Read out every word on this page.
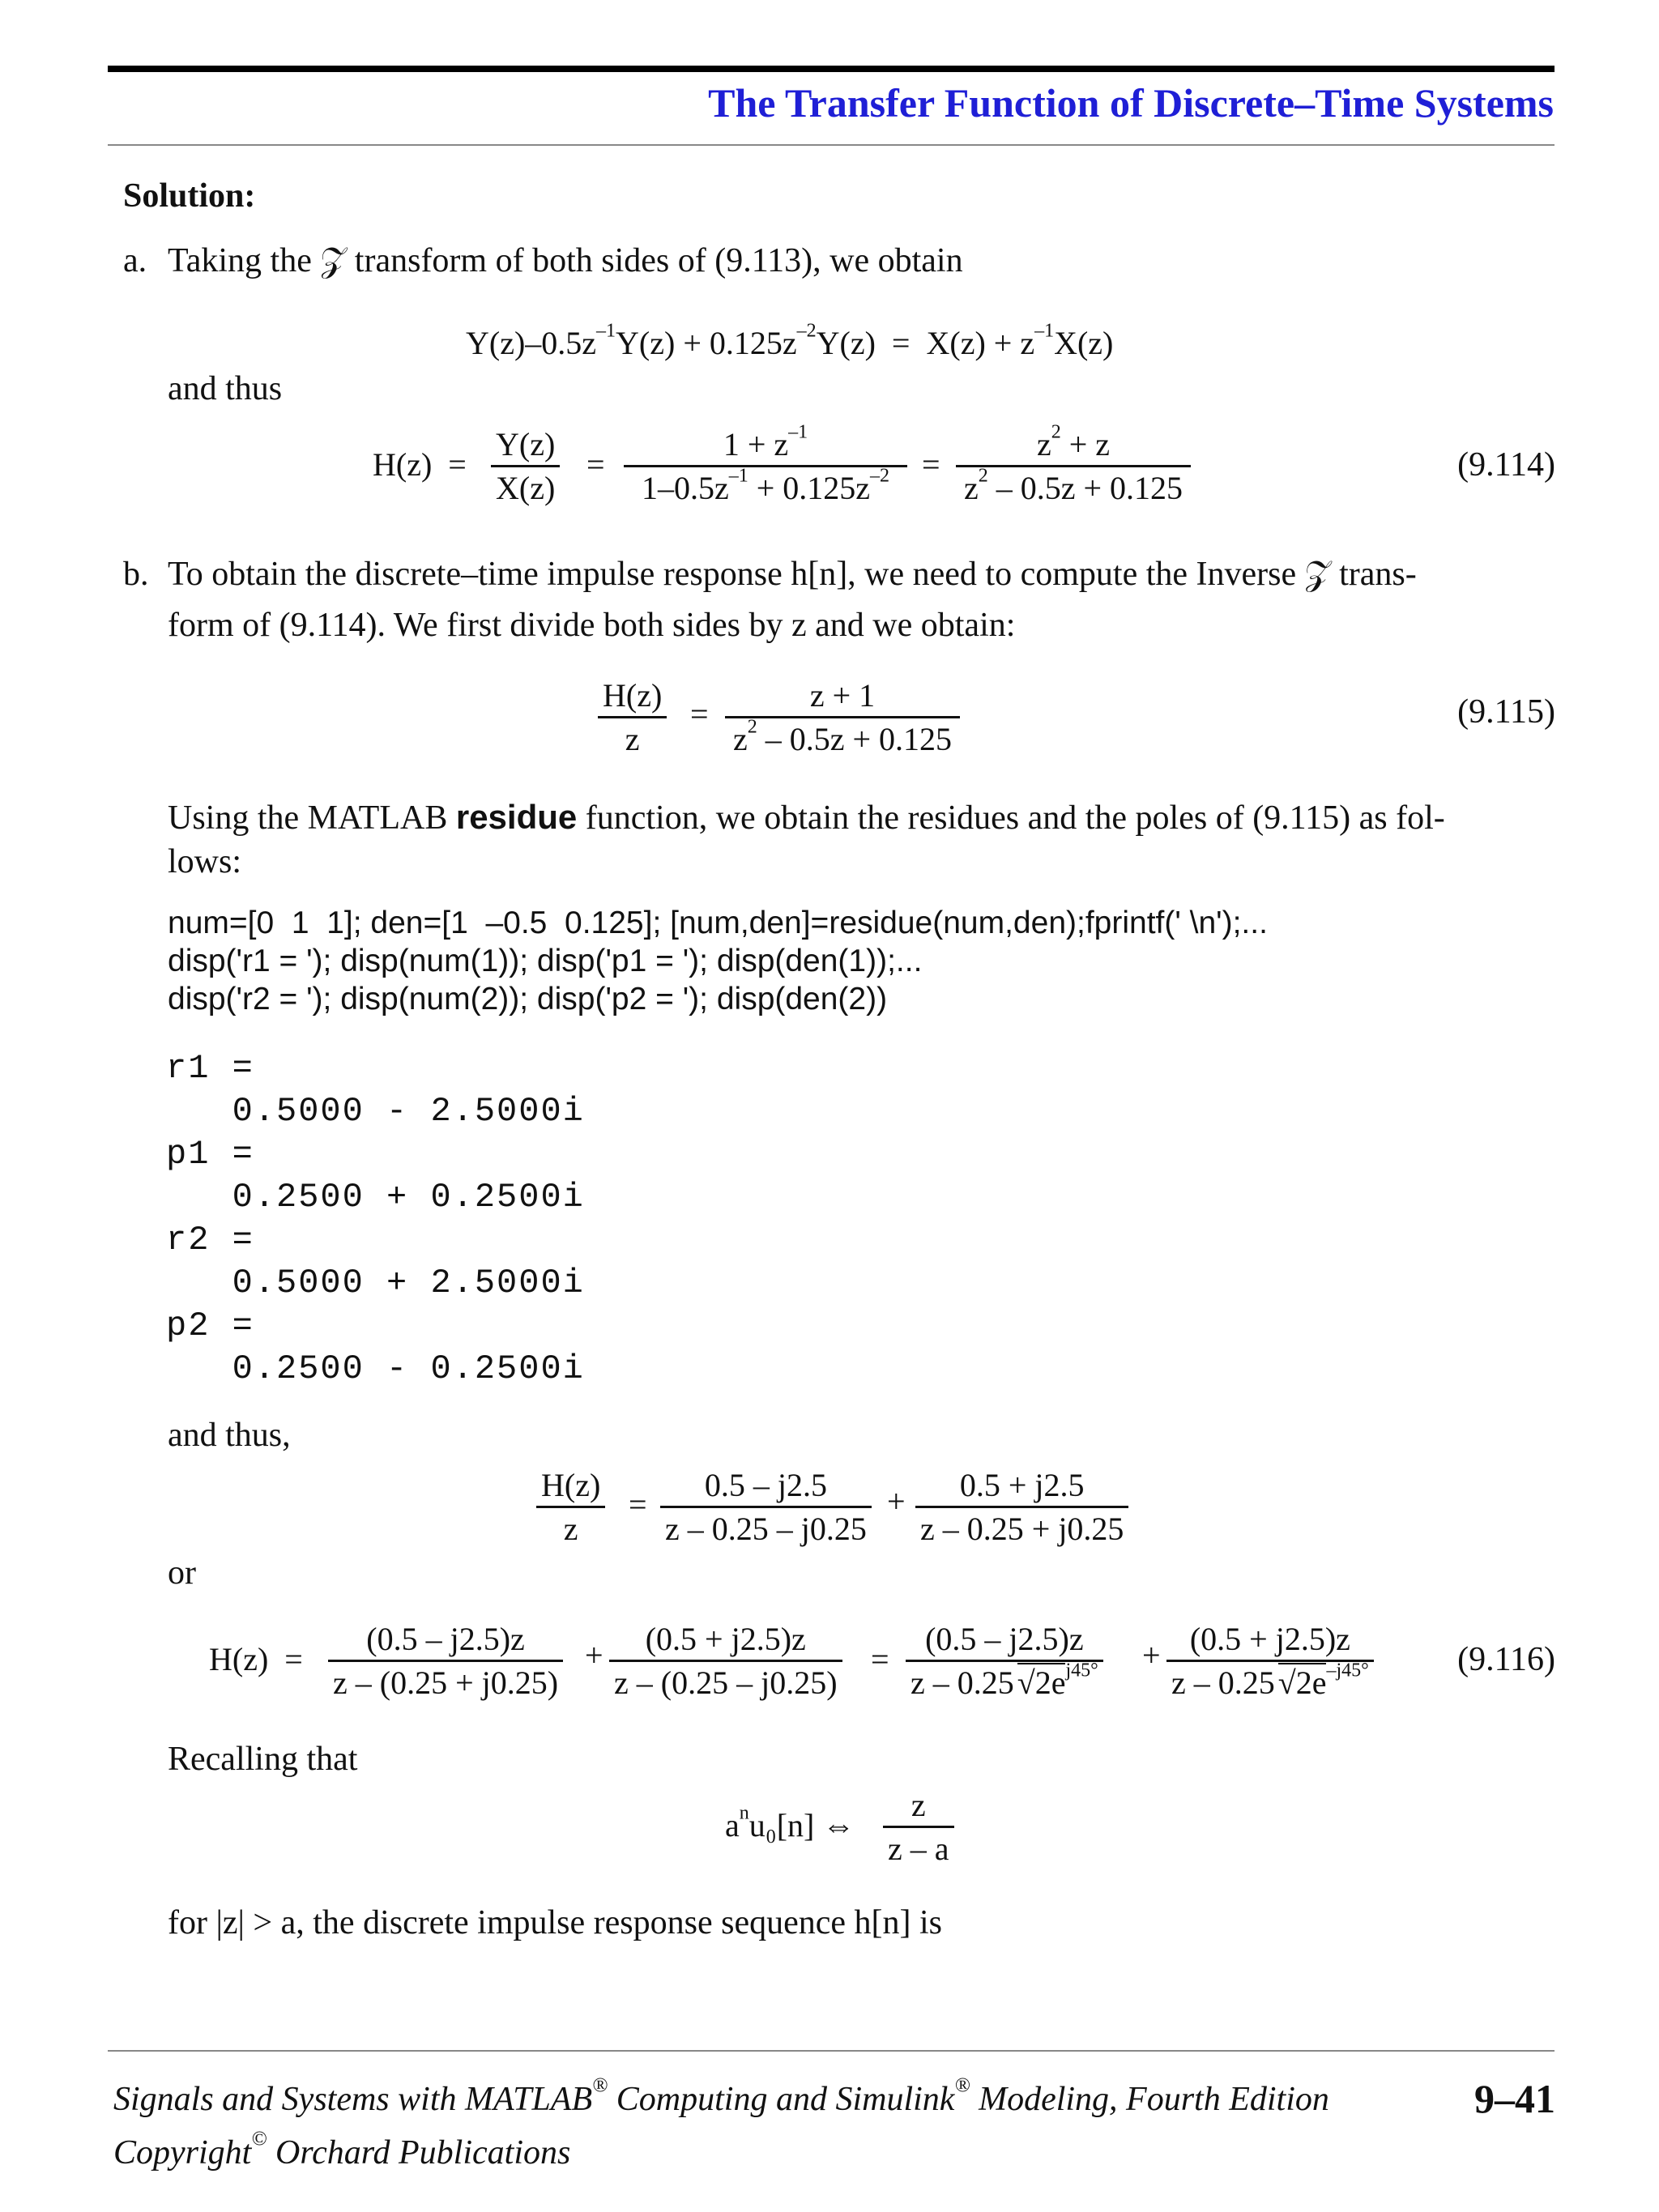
The Transfer Function of Discrete–Time Systems
Solution:
a. Taking the 𝒵 transform of both sides of (9.113), we obtain
$Y(z)-0.5z^{-1}Y(z) + 0.125z^{-2}Y(z) = X(z) + z^{-1}X(z)$
and thus
$H(z) = \frac{Y(z)}{X(z)} = \frac{1 + z^{-1}}{1-0.5z^{-1} + 0.125z^{-2}} = \frac{z^2 + z}{z^2 - 0.5z + 0.125}$	(9.114)
b. To obtain the discrete–time impulse response h[n], we need to compute the Inverse 𝒵 trans-
form of (9.114). We first divide both sides by z and we obtain:
$\frac{H(z)}{z} = \frac{z + 1}{z^2 - 0.5z + 0.125}$	(9.115)
Using the MATLAB residue function, we obtain the residues and the poles of (9.115) as fol-
lows:
num=[0  1  1]; den=[1  –0.5  0.125]; [num,den]=residue(num,den);fprintf(' \n');...
disp('r1 = '); disp(num(1)); disp('p1 = '); disp(den(1));...
disp('r2 = '); disp(num(2)); disp('p2 = '); disp(den(2))
r1 =
0.5000 - 2.5000i
p1 =
0.2500 + 0.2500i
r2 =
0.5000 + 2.5000i
p2 =
0.2500 - 0.2500i
and thus,
$\frac{H(z)}{z} = \frac{0.5 - j2.5}{z - 0.25 - j0.25} + \frac{0.5 + j2.5}{z - 0.25 + j0.25}$
or
$H(z) = \frac{(0.5 - j2.5)z}{z - (0.25 + j0.25)} + \frac{(0.5 + j2.5)z}{z - (0.25 - j0.25)} = \frac{(0.5 - j2.5)z}{z - 0.25 √2e^{j45^\circ}} + \frac{(0.5 + j2.5)z}{z - 0.25 √2e^{-j45^\circ}} (9.116)$
Recalling that
$a^nu_0[n]$ ⇔ $\frac{z}{z - a}$
for |z| > a, the discrete impulse response sequence h[n] is
Signals and Systems with MATLAB® Computing and Simulink® Modeling, Fourth Edition
Copyright© Orchard Publications
9–41
